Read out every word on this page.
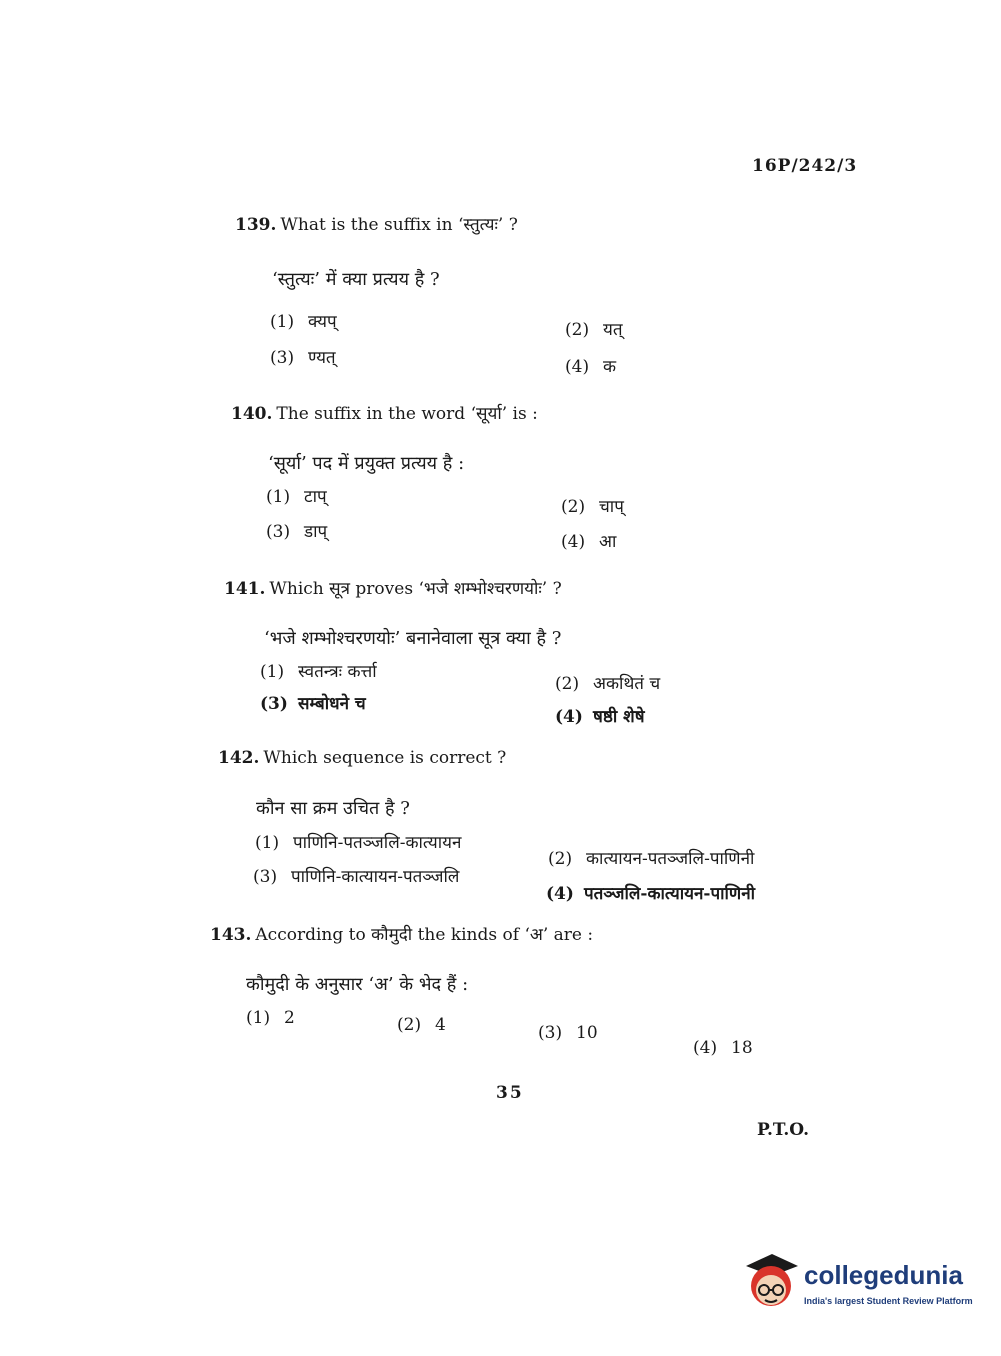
16P/242/3
139. What is the suffix in ‘स्तुत्यः’ ?
‘स्तुत्यः’ में क्या प्रत्यय है ?
(1) क्यप्	(2) यत्
(3) ण्यत्	(4) क
140. The suffix in the word ‘सूर्या’ is :
‘सूर्या’ पद में प्रयुक्त प्रत्यय है :
(1) टाप्	(2) चाप्
(3) डाप्	(4) आ
141. Which सूत्र proves ‘भजे शम्भोश्चरणयोः’ ?
‘भजे शम्भोश्चरणयोः’ बनानेवाला सूत्र क्या है ?
(1) स्वतन्त्रः कर्त्ता
(2) अकथितं च
(3) सम्बोधने च
(4) षष्ठी शेषे
142. Which sequence is correct ?
कौन सा क्रम उचित है ?
(1) पाणिनि-पतञ्जलि-कात्यायन
(2) कात्यायन-पतञ्जलि-पाणिनी
(3) पाणिनि-कात्यायन-पतञ्जलि
(4) पतञ्जलि-कात्यायन-पाणिनी
143. According to कौमुदी the kinds of ‘अ’ are :
कौमुदी के अनुसार ‘अ’ के भेद हैं :
(1) 2	(2) 4	(3) 10
(4) 18
35
P.T.O.
collegedunia
India's largest Student Review Platform
